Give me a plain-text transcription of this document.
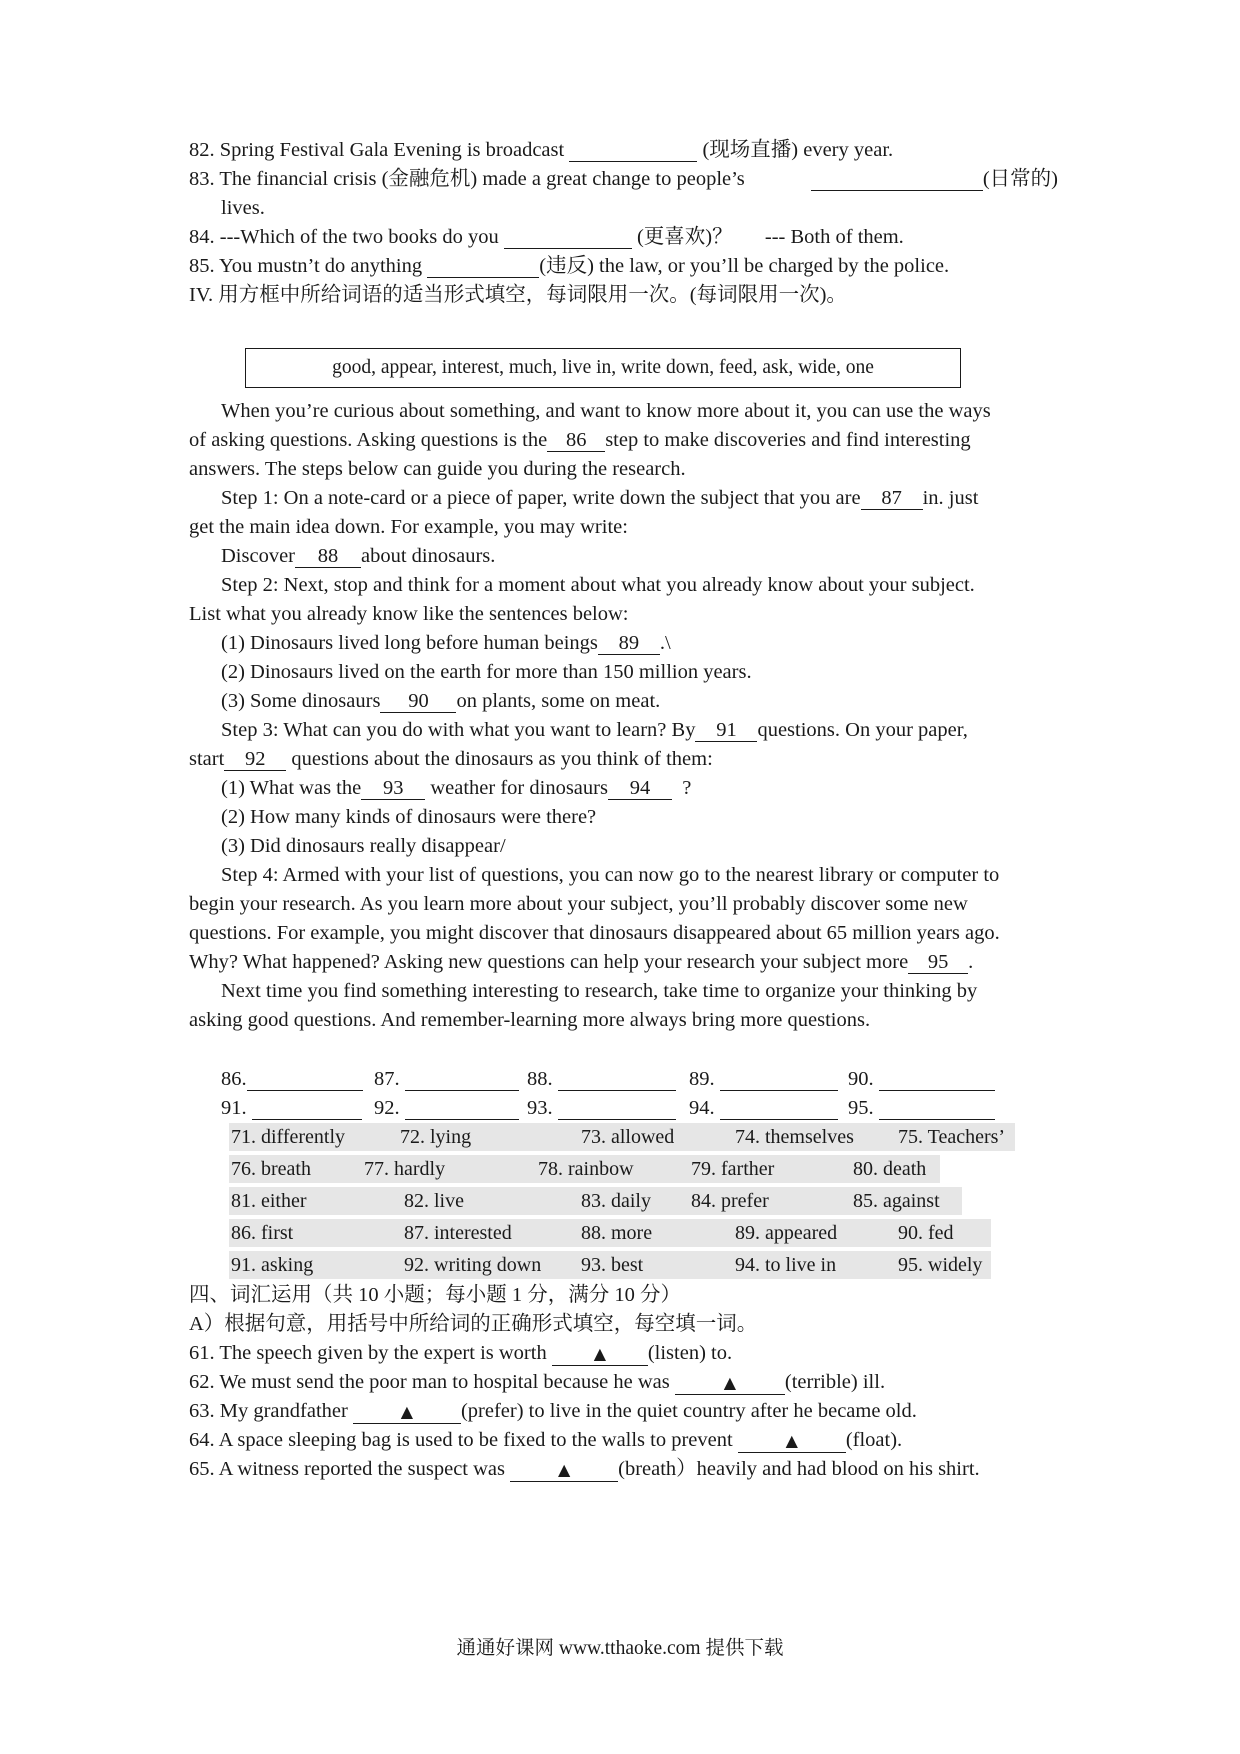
82. Spring Festival Gala Evening is broadcast	(现场直播) every year.
83. The financial crisis (金融危机) made a great change to people’s	(日常的)
lives.
84. ---Which of the two books do you	(更喜欢)？ --- Both of them.
85. You mustn’t do anything	(违反) the law, or you’ll be charged by the police.
IV. 用方框中所给词语的适当形式填空，每词限用一次。(每词限用一次)。
good, appear, interest, much, live in, write down, feed, ask, wide, one
When you’re curious about something, and want to know more about it, you can use the ways
of asking questions. Asking questions is the 86 step to make discoveries and find interesting
answers. The steps below can guide you during the research.
Step 1: On a note-card or a piece of paper, write down the subject that you are 87 in. just
get the main idea down. For example, you may write:
Discover 88 about dinosaurs.
Step 2: Next, stop and think for a moment about what you already know about your subject.
List what you already know like the sentences below:
(1) Dinosaurs lived long before human beings 89 .\
(2) Dinosaurs lived on the earth for more than 150 million years.
(3) Some dinosaurs 90 on plants, some on meat.
Step 3: What can you do with what you want to learn? By 91 questions. On your paper,
start 92 questions about the dinosaurs as you think of them:
(1) What was the 93 weather for dinosaurs 94 ?
(2) How many kinds of dinosaurs were there?
(3) Did dinosaurs really disappear/
Step 4: Armed with your list of questions, you can now go to the nearest library or computer to
begin your research. As you learn more about your subject, you’ll probably discover some new
questions. For example, you might discover that dinosaurs disappeared about 65 million years ago.
Why? What happened? Asking new questions can help your research your subject more 95 .
Next time you find something interesting to research, take time to organize your thinking by
asking good questions. And remember-learning more always bring more questions.
86.	87.	88.	89.	90.
91.	92.	93.	94.	95.
71. differently	72. lying	73. allowed	74. themselves 75. Teachers’
76. breath	77. hardly	78. rainbow	79. farther	80. death
81. either	82. live	83. daily 84. prefer	85. against
86. first	87. interested	88. more	89. appeared	90. fed
91. asking	92. writing down 93. best	94. to live in	95. widely
四、词汇运用（共 10 小题；每小题 1 分，满分 10 分）
A）根据句意，用括号中所给词的正确形式填空，每空填一词。
61. The speech given by the expert is worth	▲ (listen) to.
62. We must send the poor man to hospital because he was	▲ (terrible) ill.
63. My grandfather	▲ (prefer) to live in the quiet country after he became old.
64. A space sleeping bag is used to be fixed to the walls to prevent	▲ (float).
65. A witness reported the suspect was	▲ (breath）heavily and had blood on his shirt.
通通好课网 www.tthaoke.com 提供下载
